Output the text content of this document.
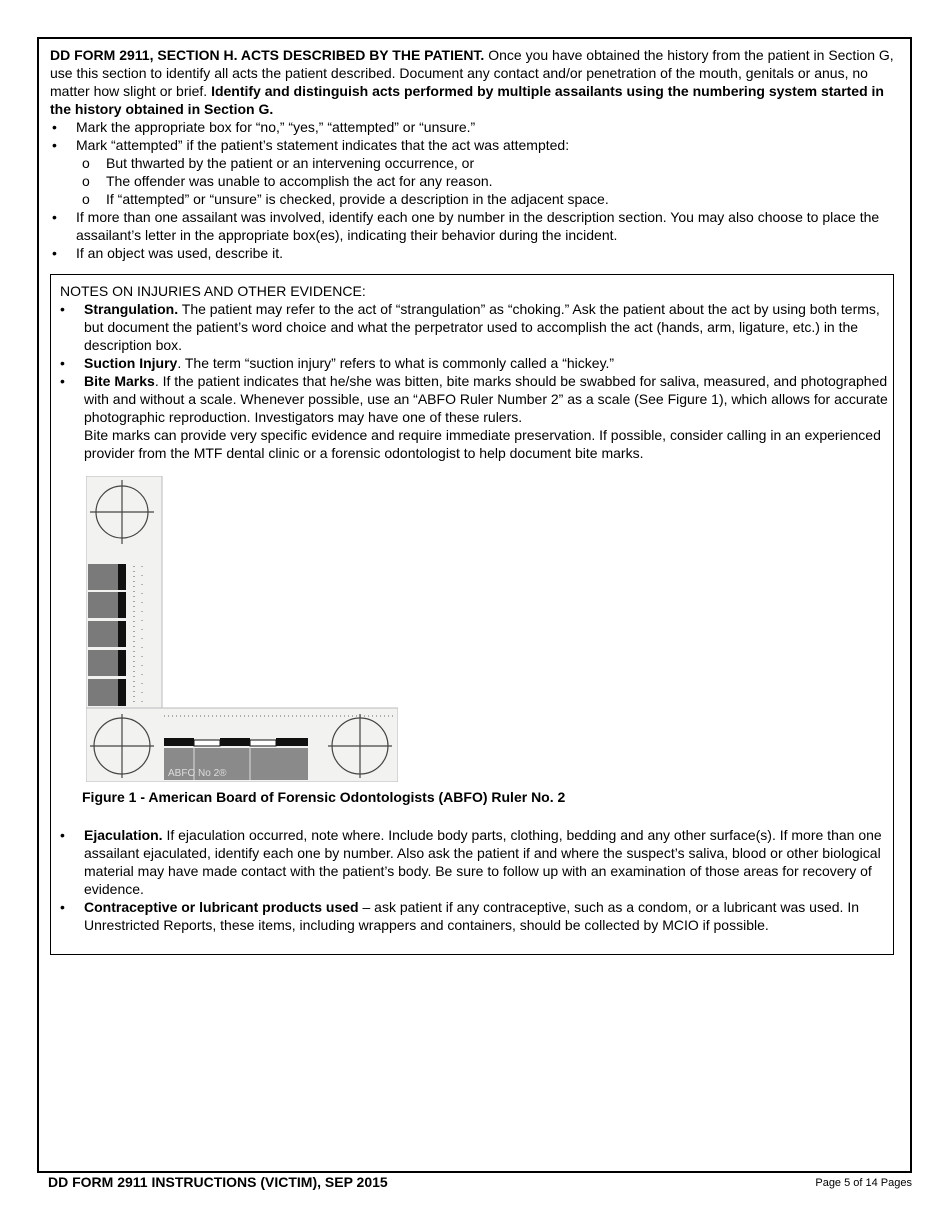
DD FORM 2911, SECTION H. ACTS DESCRIBED BY THE PATIENT. Once you have obtained the history from the patient in Section G, use this section to identify all acts the patient described. Document any contact and/or penetration of the mouth, genitals or anus, no matter how slight or brief. Identify and distinguish acts performed by multiple assailants using the numbering system started in the history obtained in Section G.

• Mark the appropriate box for “no,” “yes,” “attempted” or “unsure.”
• Mark “attempted” if the patient’s statement indicates that the act was attempted:
o But thwarted by the patient or an intervening occurrence, or
o The offender was unable to accomplish the act for any reason.
o If “attempted” or “unsure” is checked, provide a description in the adjacent space.
• If more than one assailant was involved, identify each one by number in the description section. You may also choose to place the assailant’s letter in the appropriate box(es), indicating their behavior during the incident.
• If an object was used, describe it.
NOTES ON INJURIES AND OTHER EVIDENCE:
• Strangulation. The patient may refer to the act of “strangulation” as “choking.” Ask the patient about the act by using both terms, but document the patient’s word choice and what the perpetrator used to accomplish the act (hands, arm, ligature, etc.) in the description box.
• Suction Injury. The term “suction injury” refers to what is commonly called a “hickey.”
• Bite Marks. If the patient indicates that he/she was bitten, bite marks should be swabbed for saliva, measured, and photographed with and without a scale. Whenever possible, use an “ABFO Ruler Number 2” as a scale (See Figure 1), which allows for accurate photographic reproduction. Investigators may have one of these rulers.
Bite marks can provide very specific evidence and require immediate preservation. If possible, consider calling in an experienced provider from the MTF dental clinic or a forensic odontologist to help document bite marks.
ABFO No 2®
Figure 1 - American Board of Forensic Odontologists (ABFO) Ruler No. 2
• Ejaculation. If ejaculation occurred, note where. Include body parts, clothing, bedding and any other surface(s). If more than one assailant ejaculated, identify each one by number. Also ask the patient if and where the suspect’s saliva, blood or other biological material may have made contact with the patient’s body. Be sure to follow up with an examination of those areas for recovery of evidence.
• Contraceptive or lubricant products used – ask patient if any contraceptive, such as a condom, or a lubricant was used. In Unrestricted Reports, these items, including wrappers and containers, should be collected by MCIO if possible.
DD FORM 2911 INSTRUCTIONS (VICTIM), SEP 2015	Page 5 of 14 Pages
